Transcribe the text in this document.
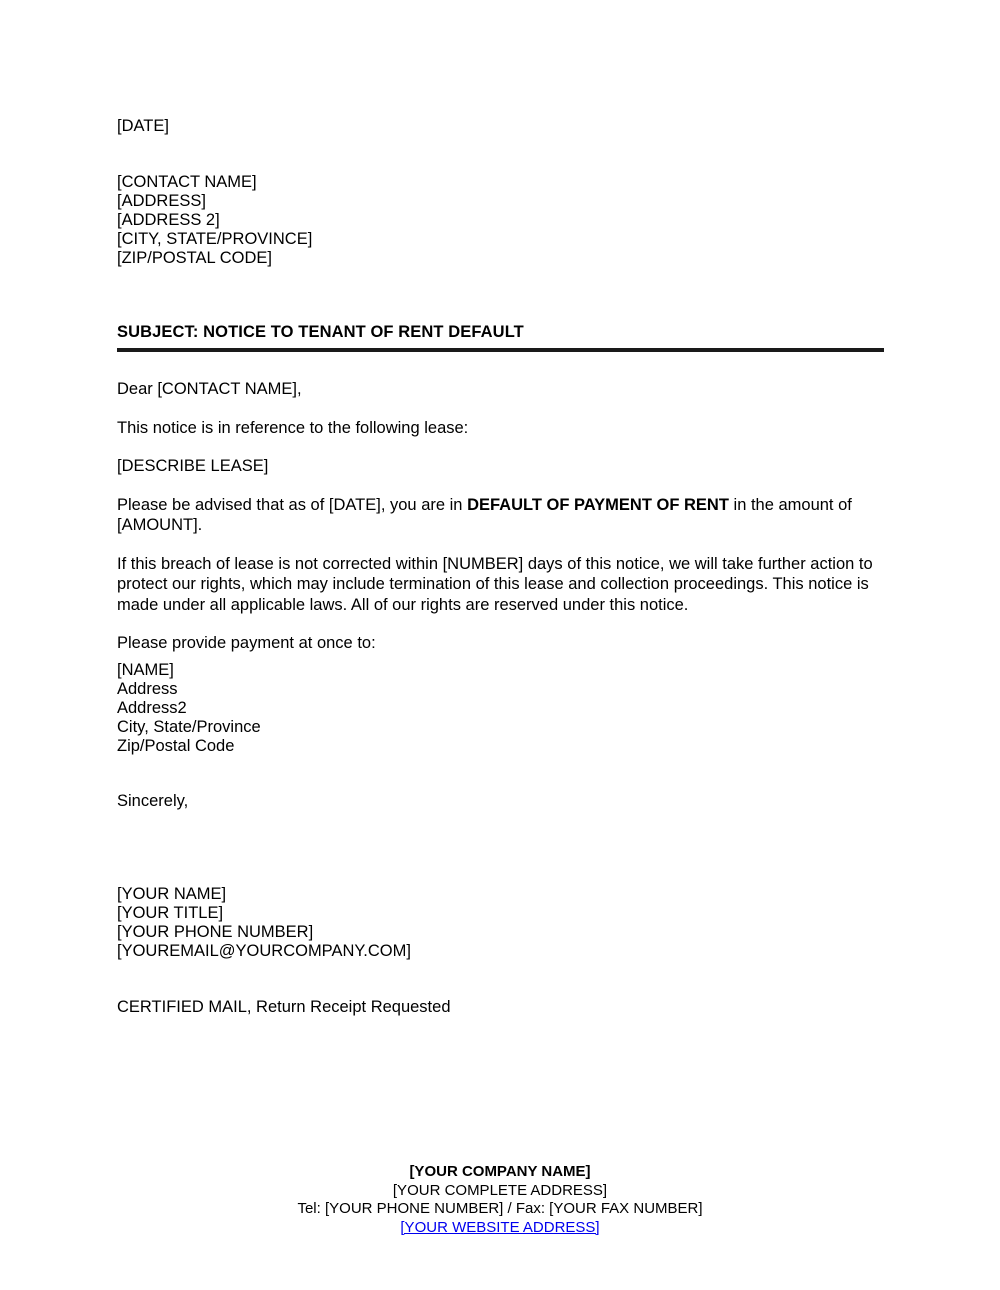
[DATE]
[CONTACT NAME]
[ADDRESS]
[ADDRESS 2]
[CITY, STATE/PROVINCE]
[ZIP/POSTAL CODE]
SUBJECT: NOTICE TO TENANT OF RENT DEFAULT

Dear [CONTACT NAME],

This notice is in reference to the following lease:

[DESCRIBE LEASE]

Please be advised that as of [DATE], you are in DEFAULT OF PAYMENT OF RENT in the amount of [AMOUNT].

If this breach of lease is not corrected within [NUMBER] days of this notice, we will take further action to protect our rights, which may include termination of this lease and collection proceedings. This notice is made under all applicable laws. All of our rights are reserved under this notice.

Please provide payment at once to:

[NAME]
Address
Address2
City, State/Province
Zip/Postal Code
Sincerely,
[YOUR NAME]
[YOUR TITLE]
[YOUR PHONE NUMBER]
[YOUREMAIL@YOURCOMPANY.COM]
CERTIFIED MAIL, Return Receipt Requested
[YOUR COMPANY NAME]
[YOUR COMPLETE ADDRESS]
Tel: [YOUR PHONE NUMBER] / Fax: [YOUR FAX NUMBER]
[YOUR WEBSITE ADDRESS]
